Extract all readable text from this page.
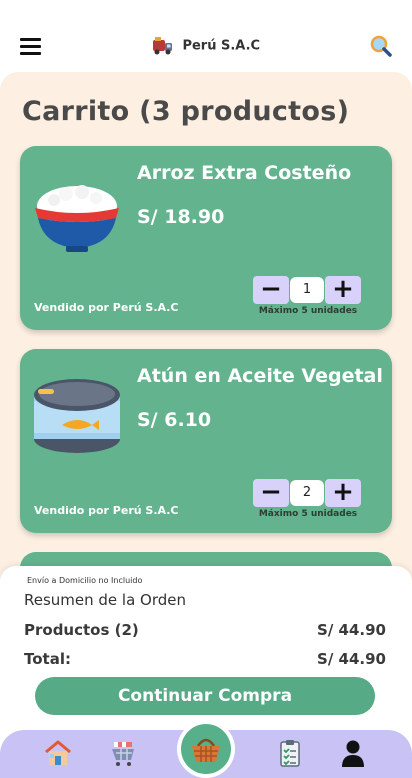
Perú S.A.C
Carrito (3 productos)
Arroz Extra Costeño
S/ 18.90
Vendido por Perú S.A.C
−	1 +
Máximo 5 unidades
Atún en Aceite Vegetal
S/ 6.10
Vendido por Perú S.A.C
−	2 +
Máximo 5 unidades
Envío a Domicilio no Incluido
Resumen de la Orden
Productos (2)	S/ 44.90
Total:	S/ 44.90
Continuar Compra
